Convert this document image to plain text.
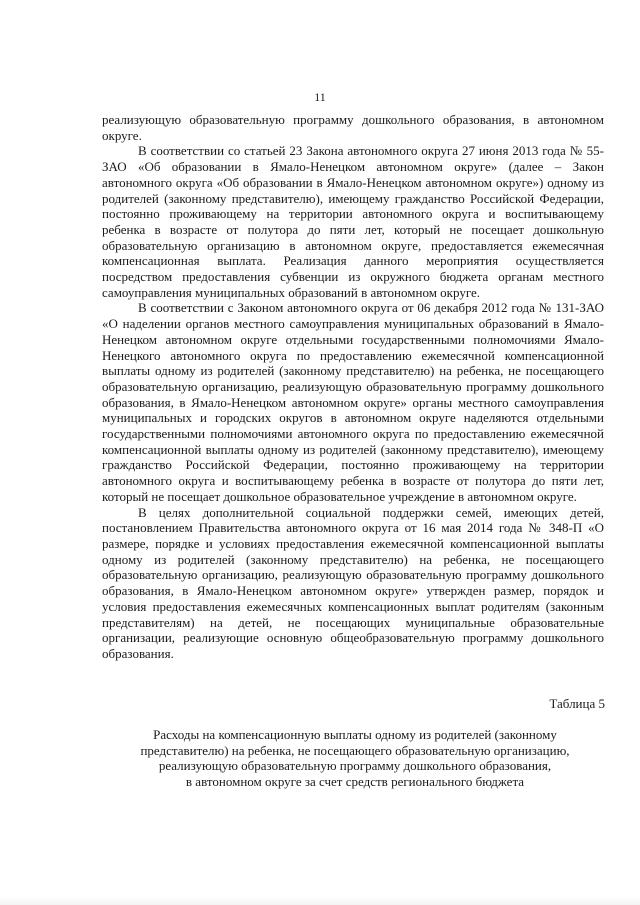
11

реализующую образовательную программу дошкольного образования, в автономном округе.

В соответствии со статьей 23 Закона автономного округа 27 июня 2013 года № 55-ЗАО «Об образовании в Ямало-Ненецком автономном округе» (далее – Закон автономного округа «Об образовании в Ямало-Ненецком автономном округе») одному из родителей (законному представителю), имеющему гражданство Российской Федерации, постоянно проживающему на территории автономного округа и воспитывающему ребенка в возрасте от полутора до пяти лет, который не посещает дошкольную образовательную организацию в автономном округе, предоставляется ежемесячная компенсационная выплата. Реализация данного мероприятия осуществляется посредством предоставления субвенции из окружного бюджета органам местного самоуправления муниципальных образований в автономном округе.

В соответствии с Законом автономного округа от 06 декабря 2012 года № 131-ЗАО «О наделении органов местного самоуправления муниципальных образований в Ямало-Ненецком автономном округе отдельными государственными полномочиями Ямало-Ненецкого автономного округа по предоставлению ежемесячной компенсационной выплаты одному из родителей (законному представителю) на ребенка, не посещающего образовательную организацию, реализующую образовательную программу дошкольного образования, в Ямало-Ненецком автономном округе» органы местного самоуправления муниципальных и городских округов в автономном округе наделяются отдельными государственными полномочиями автономного округа по предоставлению ежемесячной компенсационной выплаты одному из родителей (законному представителю), имеющему гражданство Российской Федерации, постоянно проживающему на территории автономного округа и воспитывающему ребенка в возрасте от полутора до пяти лет, который не посещает дошкольное образовательное учреждение в автономном округе.

В целях дополнительной социальной поддержки семей, имеющих детей, постановлением Правительства автономного округа от 16 мая 2014 года № 348-П «О размере, порядке и условиях предоставления ежемесячной компенсационной выплаты одному из родителей (законному представителю) на ребенка, не посещающего образовательную организацию, реализующую образовательную программу дошкольного образования, в Ямало-Ненецком автономном округе» утвержден размер, порядок и условия предоставления ежемесячных компенсационных выплат родителям (законным представителям) на детей, не посещающих муниципальные образовательные организации, реализующие основную общеобразовательную программу дошкольного образования.

Таблица 5
Расходы на компенсационную выплаты одному из родителей (законному
представителю) на ребенка, не посещающего образовательную организацию,
реализующую образовательную программу дошкольного образования,
в автономном округе за счет средств регионального бюджета
